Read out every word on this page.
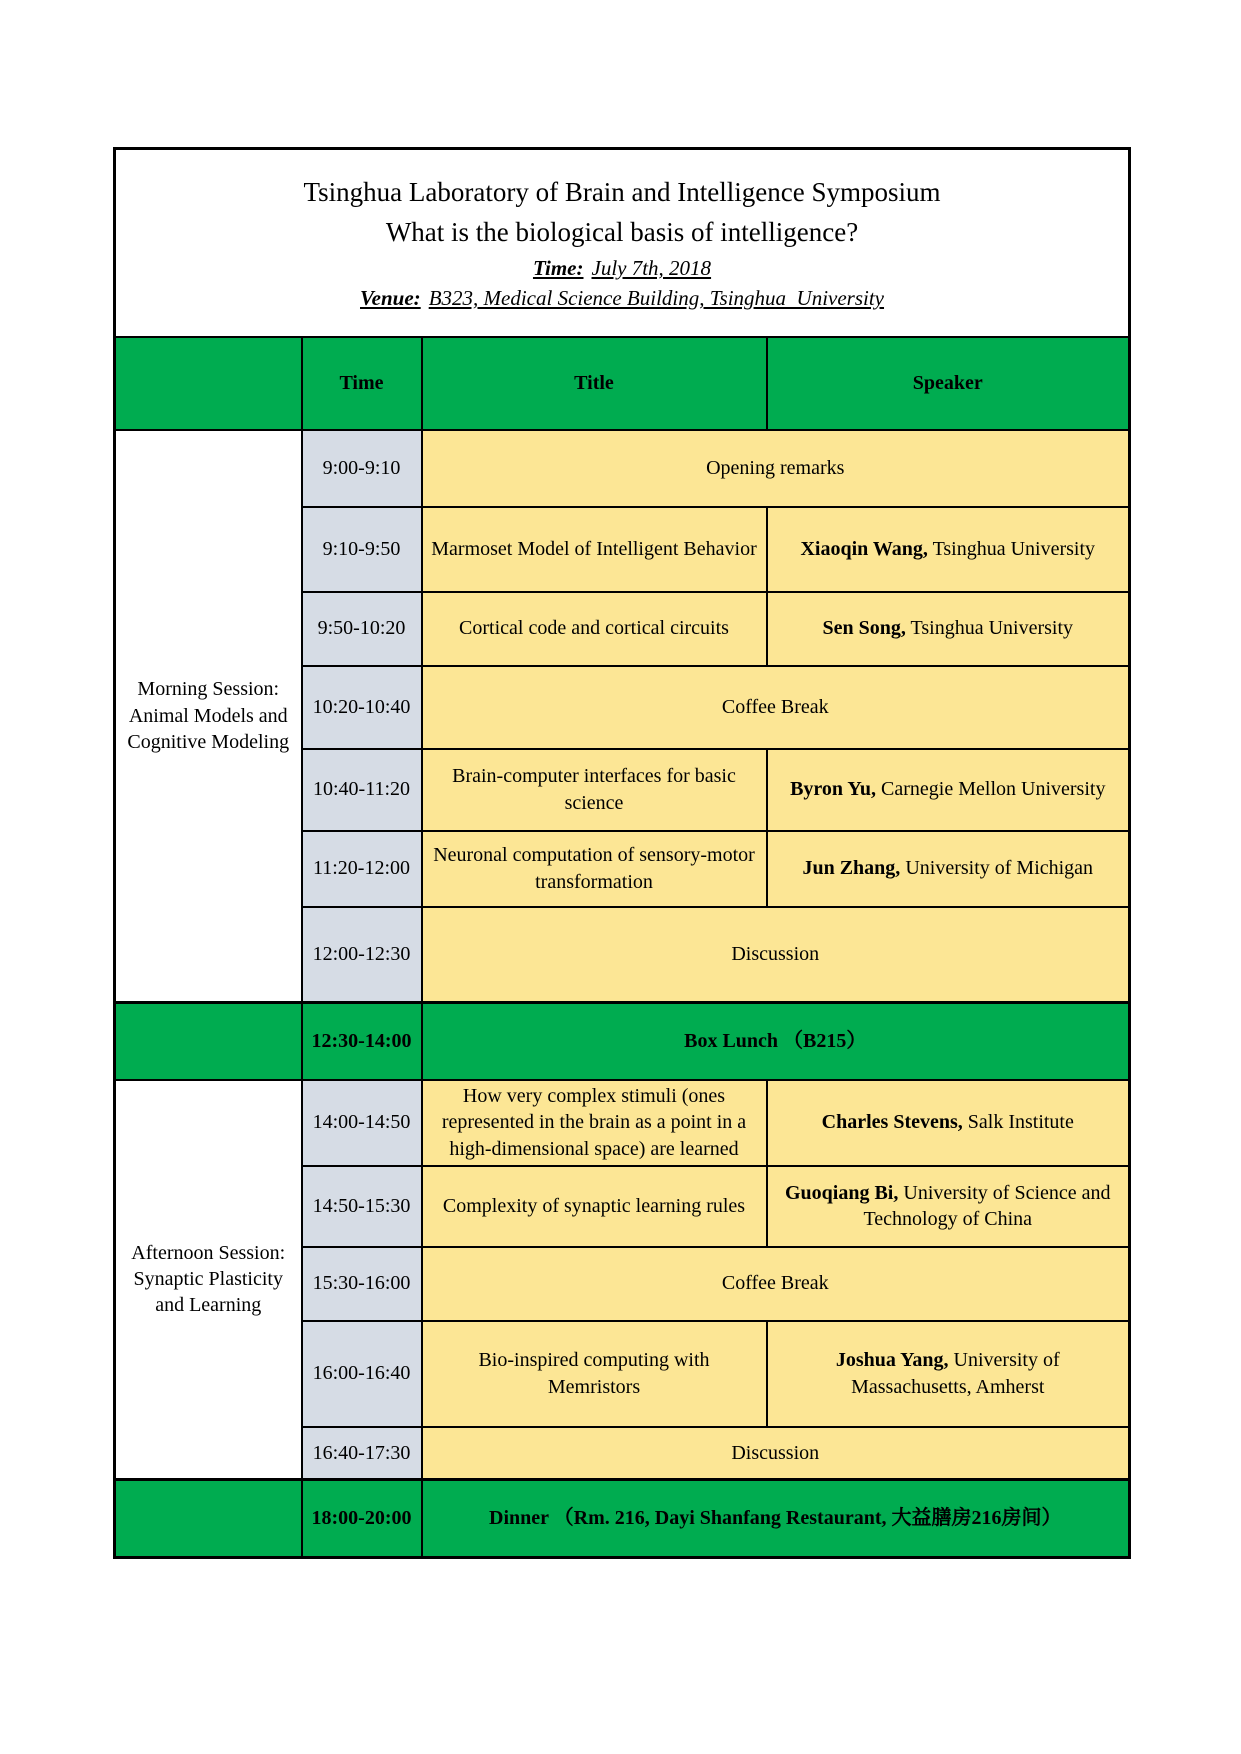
Tsinghua Laboratory of Brain and Intelligence Symposium
What is the biological basis of intelligence?
Time: July 7th, 2018
Venue: B323, Medical Science Building, Tsinghua  University			

	Time	Title	Speaker
Morning Session: Animal Models and Cognitive Modeling	9:00-9:10	Opening remarks	
	9:10-9:50	Marmoset Model of Intelligent Behavior	Xiaoqin Wang, Tsinghua University
	9:50-10:20	Cortical code and cortical circuits	Sen Song, Tsinghua University
	10:20-10:40	Coffee Break	
	10:40-11:20	Brain-computer interfaces for basic science	Byron Yu, Carnegie Mellon University
	11:20-12:00	Neuronal computation of sensory-motor transformation	Jun Zhang, University of Michigan
	12:00-12:30	Discussion	
	12:30-14:00	Box Lunch （B215）	
Afternoon Session: Synaptic Plasticity and Learning	14:00-14:50	How very complex stimuli (ones represented in the brain as a point in a high-dimensional space) are learned	Charles Stevens, Salk Institute
	14:50-15:30	Complexity of synaptic learning rules	Guoqiang Bi, University of Science and Technology of China
	15:30-16:00	Coffee Break	
	16:00-16:40	Bio-inspired computing with Memristors	Joshua Yang, University of Massachusetts, Amherst
	16:40-17:30	Discussion	
	18:00-20:00	Dinner （Rm. 216, Dayi Shanfang Restaurant, 大益膳房216房间）	
